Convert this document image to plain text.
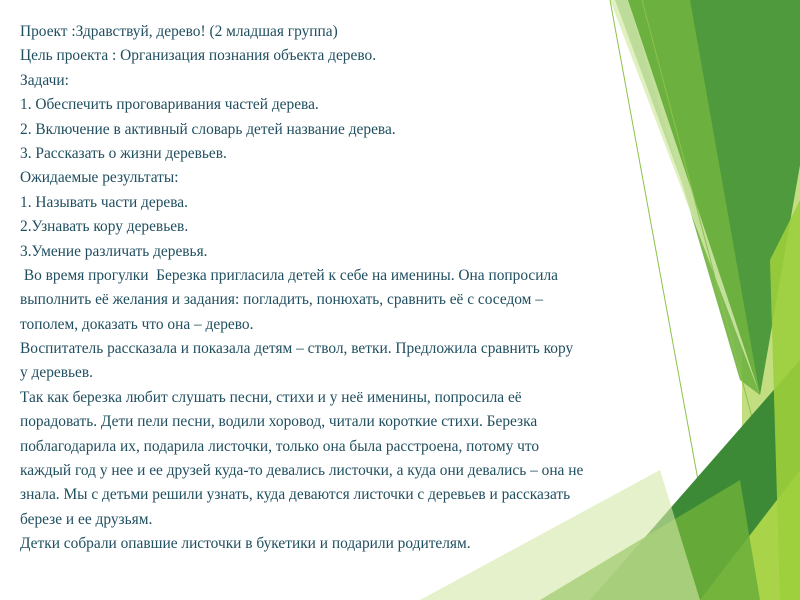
Проект :Здравствуй, дерево! (2 младшая группа)
Цель проекта : Организация познания объекта дерево.
Задачи:
1. Обеспечить проговаривания частей дерева.
2. Включение в активный словарь детей название дерева.
3. Рассказать о жизни деревьев.
Ожидаемые результаты:
1. Называть части дерева.
2.Узнавать кору деревьев.
3.Умение различать деревья.
Во время прогулки  Березка пригласила детей к себе на именины. Она попросила
выполнить её желания и задания: погладить, понюхать, сравнить её с соседом –
тополем, доказать что она – дерево.
Воспитатель рассказала и показала детям – ствол, ветки. Предложила сравнить кору
у деревьев.
Так как березка любит слушать песни, стихи и у неё именины, попросила её
порадовать. Дети пели песни, водили хоровод, читали короткие стихи. Березка
поблагодарила их, подарила листочки, только она была расстроена, потому что
каждый год у нее и ее друзей куда-то девались листочки, а куда они девались – она не
знала. Мы с детьми решили узнать, куда деваются листочки с деревьев и рассказать
березе и ее друзьям.
Детки собрали опавшие листочки в букетики и подарили родителям.
